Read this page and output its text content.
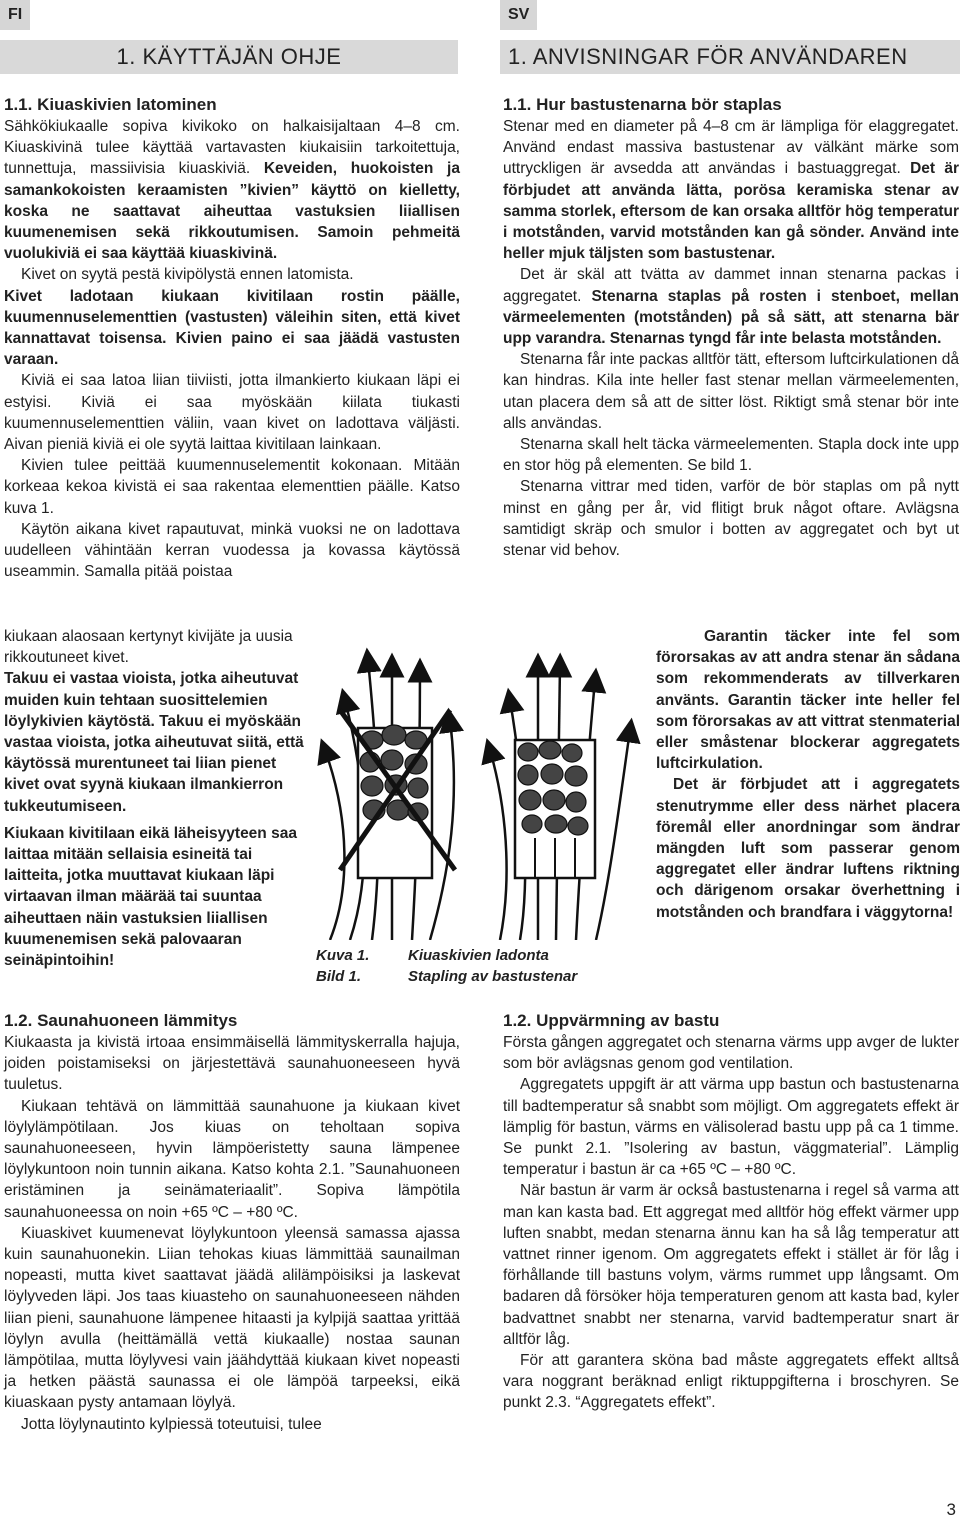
FI	SV
1. KÄYTTÄJÄN OHJE	1. ANVISNINGAR FÖR ANVÄNDAREN
1.1. Kiuaskivien latominen

Sähkökiukaalle sopiva kivikoko on halkaisijaltaan 4–8 cm. Kiuaskivinä tulee käyttää vartavasten kiukaisiin tarkoitettuja, tunnettuja, massiivisia kiuaskiviä. Keveiden, huokoisten ja samankokoisten keraamisten ”kivien” käyttö on kielletty, koska ne saattavat aiheuttaa vastuksien liiallisen kuumenemisen sekä rikkoutumisen. Samoin pehmeitä vuolukiviä ei saa käyttää kiuaskivinä.

Kivet on syytä pestä kivipölystä ennen latomista.

Kivet ladotaan kiukaan kivitilaan rostin päälle, kuumennuselementtien (vastusten) väleihin siten, että kivet kannattavat toisensa. Kivien paino ei saa jäädä vastusten varaan.

Kiviä ei saa latoa liian tiiviisti, jotta ilmankierto kiukaan läpi ei estyisi. Kiviä ei saa myöskään kiilata tiukasti kuumennuselementtien väliin, vaan kivet on ladottava väljästi. Aivan pieniä kiviä ei ole syytä laittaa kivitilaan lainkaan.

Kivien tulee peittää kuumennuselementit kokonaan. Mitään korkeaa kekoa kivistä ei saa rakentaa elementtien päälle. Katso kuva 1.

Käytön aikana kivet rapautuvat, minkä vuoksi ne on ladottava uudelleen vähintään kerran vuodessa ja kovassa käytössä useammin. Samalla pitää poistaa

kiukaan alaosaan kertynyt kivijäte ja uusia rikkoutuneet kivet.

Takuu ei vastaa vioista, jotka aiheutuvat muiden kuin tehtaan suosittelemien löylykivien käytöstä. Takuu ei myöskään vastaa vioista, jotka aiheutuvat siitä, että käytössä murentuneet tai liian pienet kivet ovat syynä kiukaan ilmankierron tukkeutumiseen.

Kiukaan kivitilaan eikä läheisyyteen saa laittaa mitään sellaisia esineitä tai laitteita, jotka muuttavat kiukaan läpi virtaavan ilman määrää tai suuntaa aiheuttaen näin vastuksien liiallisen kuumenemisen sekä palovaaran seinäpintoihin!

1.1. Hur bastustenarna bör staplas

Stenar med en diameter på 4–8 cm är lämpliga för elaggregatet. Använd endast massiva bastustenar av välkänt märke som uttryckligen är avsedda att användas i bastuaggregat. Det är förbjudet att använda lätta, porösa keramiska stenar av samma storlek, eftersom de kan orsaka alltför hög temperatur i motstånden, varvid motstånden kan gå sönder. Använd inte heller mjuk täljsten som bastustenar.

Det är skäl att tvätta av dammet innan stenarna packas i aggregatet. Stenarna staplas på rosten i stenboet, mellan värmeelementen (motstånden) på så sätt, att stenarna bär upp varandra. Stenarnas tyngd får inte belasta motstånden.

Stenarna får inte packas alltför tätt, eftersom luftcirkulationen då kan hindras. Kila inte heller fast stenar mellan värmeelementen, utan placera dem så att de sitter löst. Riktigt små stenar bör inte alls användas.

Stenarna skall helt täcka värmeelementen. Stapla dock inte upp en stor hög på elementen. Se bild 1.

Stenarna vittrar med tiden, varför de bör staplas om på nytt minst en gång per år, vid flitigt bruk något oftare. Avlägsna samtidigt skräp och smulor i botten av aggregatet och byt ut stenar vid behov.

Garantin täcker inte fel som förorsakas av att andra stenar än sådana som rekommenderats av tillverkaren använts. Garantin täcker inte heller fel som förorsakas av att vittrat stenmaterial eller småstenar blockerar aggregatets luftcirkulation.

Det är förbjudet att i aggregatets stenutrymme eller dess närhet placera föremål eller anordningar som ändrar mängden luft som passerar genom aggregatet eller ändrar luftens riktning och därigenom orsakar överhettning i motstånden och brandfara i väggytorna!

Kuva 1.
Bild 1.
Kiuaskivien ladonta
Stapling av bastustenar
1.2. Saunahuoneen lämmitys

Kiukaasta ja kivistä irtoaa ensimmäisellä lämmityskerralla hajuja, joiden poistamiseksi on järjestettävä saunahuoneeseen hyvä tuuletus.

Kiukaan tehtävä on lämmittää saunahuone ja kiukaan kivet löylylämpötilaan. Jos kiuas on teholtaan sopiva saunahuoneeseen, hyvin lämpöeristetty sauna lämpenee löylykuntoon noin tunnin aikana. Katso kohta 2.1. ”Saunahuoneen eristäminen ja seinämateriaalit”. Sopiva lämpötila saunahuoneessa on noin +65 ºC – +80 ºC.

Kiuaskivet kuumenevat löylykuntoon yleensä samassa ajassa kuin saunahuonekin. Liian tehokas kiuas lämmittää saunailman nopeasti, mutta kivet saattavat jäädä alilämpöisiksi ja laskevat löylyveden läpi. Jos taas kiuasteho on saunahuoneeseen nähden liian pieni, saunahuone lämpenee hitaasti ja kylpijä saattaa yrittää löylyn avulla (heittämällä vettä kiukaalle) nostaa saunan lämpötilaa, mutta löylyvesi vain jäähdyttää kiukaan kivet nopeasti ja hetken päästä saunassa ei ole lämpöä tarpeeksi, eikä kiuaskaan pysty antamaan löylyä.

Jotta löylynautinto kylpiessä toteutuisi, tulee

1.2. Uppvärmning av bastu

Första gången aggregatet och stenarna värms upp avger de lukter som bör avlägsnas genom god ventilation.

Aggregatets uppgift är att värma upp bastun och bastustenarna till badtemperatur så snabbt som möjligt. Om aggregatets effekt är lämplig för bastun, värms en välisolerad bastu upp på ca 1 timme. Se punkt 2.1. ”Isolering av bastun, väggmaterial”. Lämplig temperatur i bastun är ca +65 ºC – +80 ºC.

När bastun är varm är också bastustenarna i regel så varma att man kan kasta bad. Ett aggregat med alltför hög effekt värmer upp luften snabbt, medan stenarna ännu kan ha så låg temperatur att vattnet rinner igenom. Om aggregatets effekt i stället är för låg i förhållande till bastuns volym, värms rummet upp långsamt. Om badaren då försöker höja temperaturen genom att kasta bad, kyler badvattnet snabbt ner stenarna, varvid badtemperatur snart är alltför låg.

För att garantera sköna bad måste aggregatets effekt alltså vara noggrant beräknad enligt riktuppgifterna i broschyren. Se punkt 2.3. “Aggregatets effekt”.

3
